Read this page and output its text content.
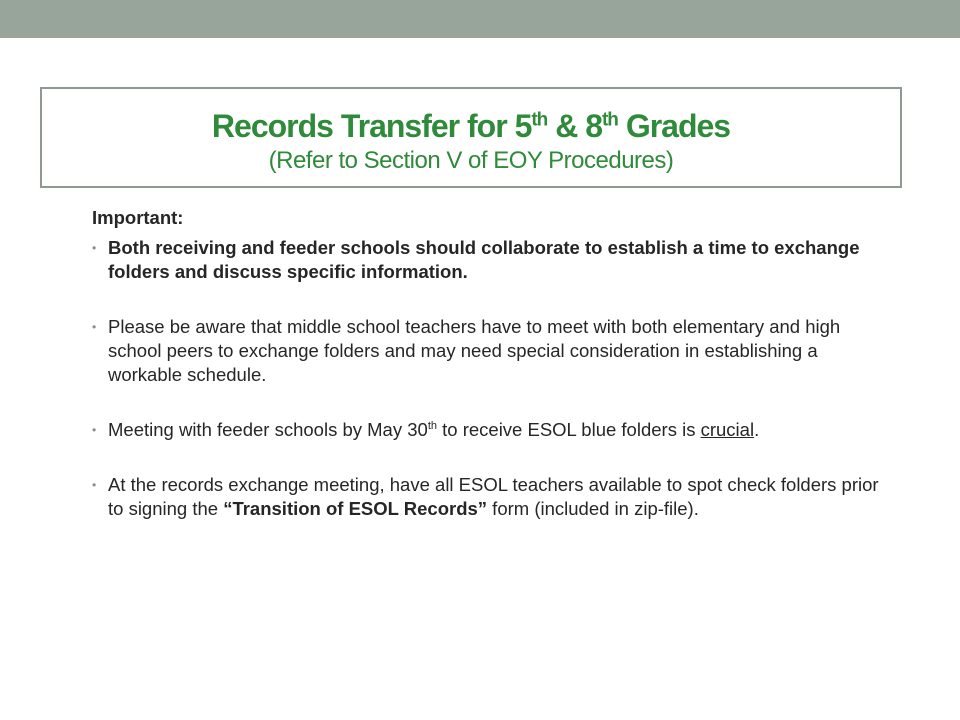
Records Transfer for 5th & 8th Grades
(Refer to Section V of EOY Procedures)
Important:
• Both receiving and feeder schools should collaborate to establish a time to exchange folders and discuss specific information.
• Please be aware that middle school teachers have to meet with both elementary and high school peers to exchange folders and may need special consideration in establishing a workable schedule.
• Meeting with feeder schools by May 30th to receive ESOL blue folders is crucial.
• At the records exchange meeting, have all ESOL teachers available to spot check folders prior to signing the “Transition of ESOL Records” form (included in zip-file).
